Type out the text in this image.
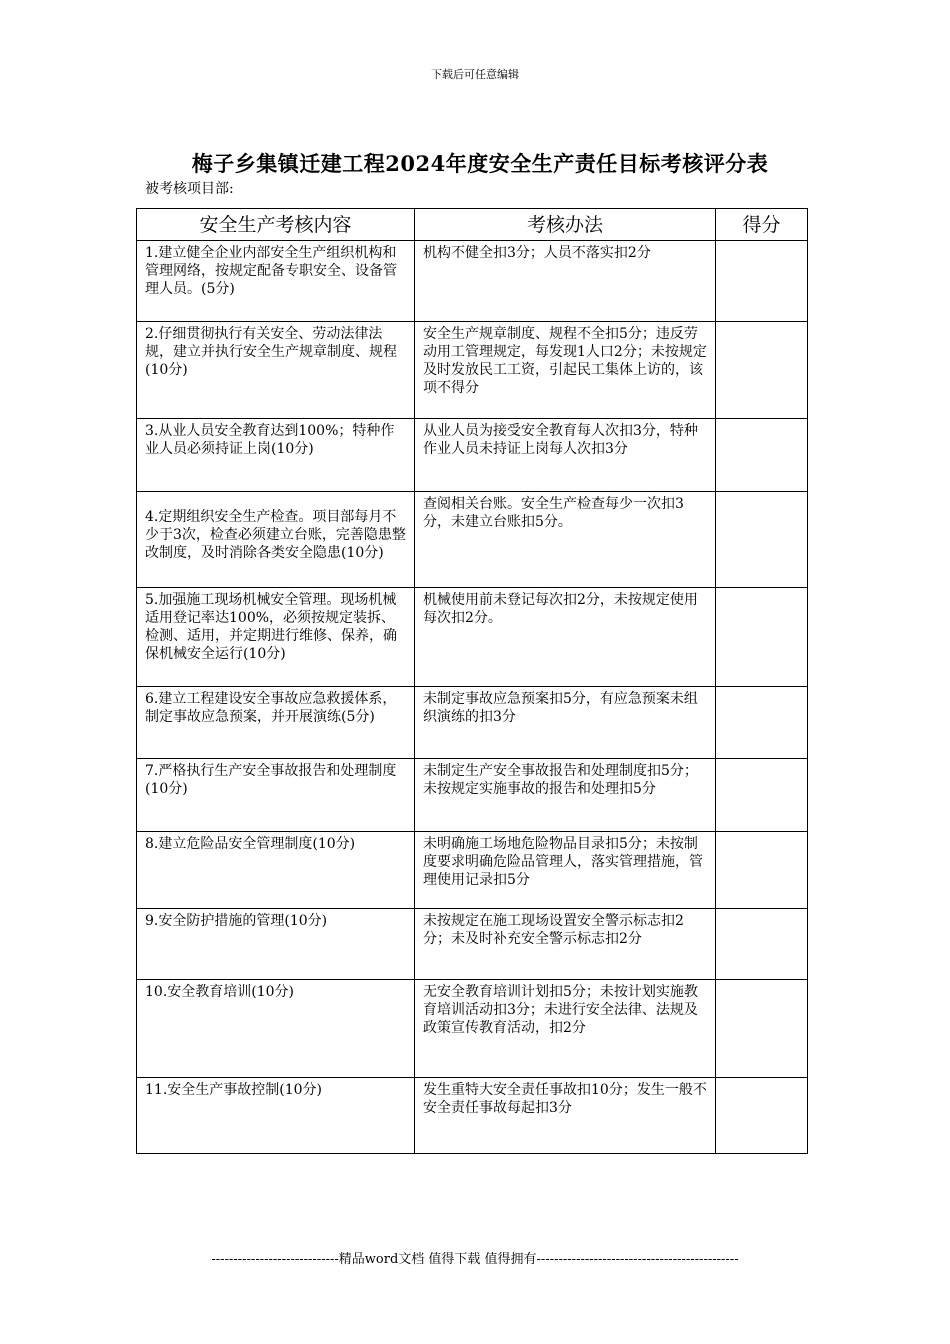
下载后可任意编辑
梅子乡集镇迁建工程2024年度安全生产责任目标考核评分表
被考核项目部:
安全生产考核内容	考核办法	得分
1.建立健全企业内部安全生产组织机构和管理网络，按规定配备专职安全、设备管理人员。(5分)	机构不健全扣3分；人员不落实扣2分	
2.仔细贯彻执行有关安全、劳动法律法规，建立并执行安全生产规章制度、规程(10分)	安全生产规章制度、规程不全扣5分；违反劳动用工管理规定，每发现1人口2分；未按规定及时发放民工工资，引起民工集体上访的，该项不得分	
3.从业人员安全教育达到100%；特种作业人员必须持证上岗(10分)	从业人员为接受安全教育每人次扣3分，特种作业人员未持证上岗每人次扣3分	
4.定期组织安全生产检查。项目部每月不少于3次，检查必须建立台账，完善隐患整改制度，及时消除各类安全隐患(10分)	查阅相关台账。安全生产检查每少一次扣3分，未建立台账扣5分。	
5.加强施工现场机械安全管理。现场机械适用登记率达100%，必须按规定装拆、检测、适用，并定期进行维修、保养，确保机械安全运行(10分)	机械使用前未登记每次扣2分，未按规定使用每次扣2分。	
6.建立工程建设安全事故应急救援体系，制定事故应急预案，并开展演练(5分)	未制定事故应急预案扣5分，有应急预案未组织演练的扣3分	
7.严格执行生产安全事故报告和处理制度(10分)	未制定生产安全事故报告和处理制度扣5分；未按规定实施事故的报告和处理扣5分	
8.建立危险品安全管理制度(10分)	未明确施工场地危险物品目录扣5分；未按制度要求明确危险品管理人，落实管理措施，管理使用记录扣5分	
9.安全防护措施的管理(10分)	未按规定在施工现场设置安全警示标志扣2分；未及时补充安全警示标志扣2分	
10.安全教育培训(10分)	无安全教育培训计划扣5分；未按计划实施教育培训活动扣3分；未进行安全法律、法规及政策宣传教育活动，扣2分	
11.安全生产事故控制(10分)	发生重特大安全责任事故扣10分；发生一般不安全责任事故每起扣3分	
-----------------------------精品word文档 值得下载 值得拥有----------------------------------------------
